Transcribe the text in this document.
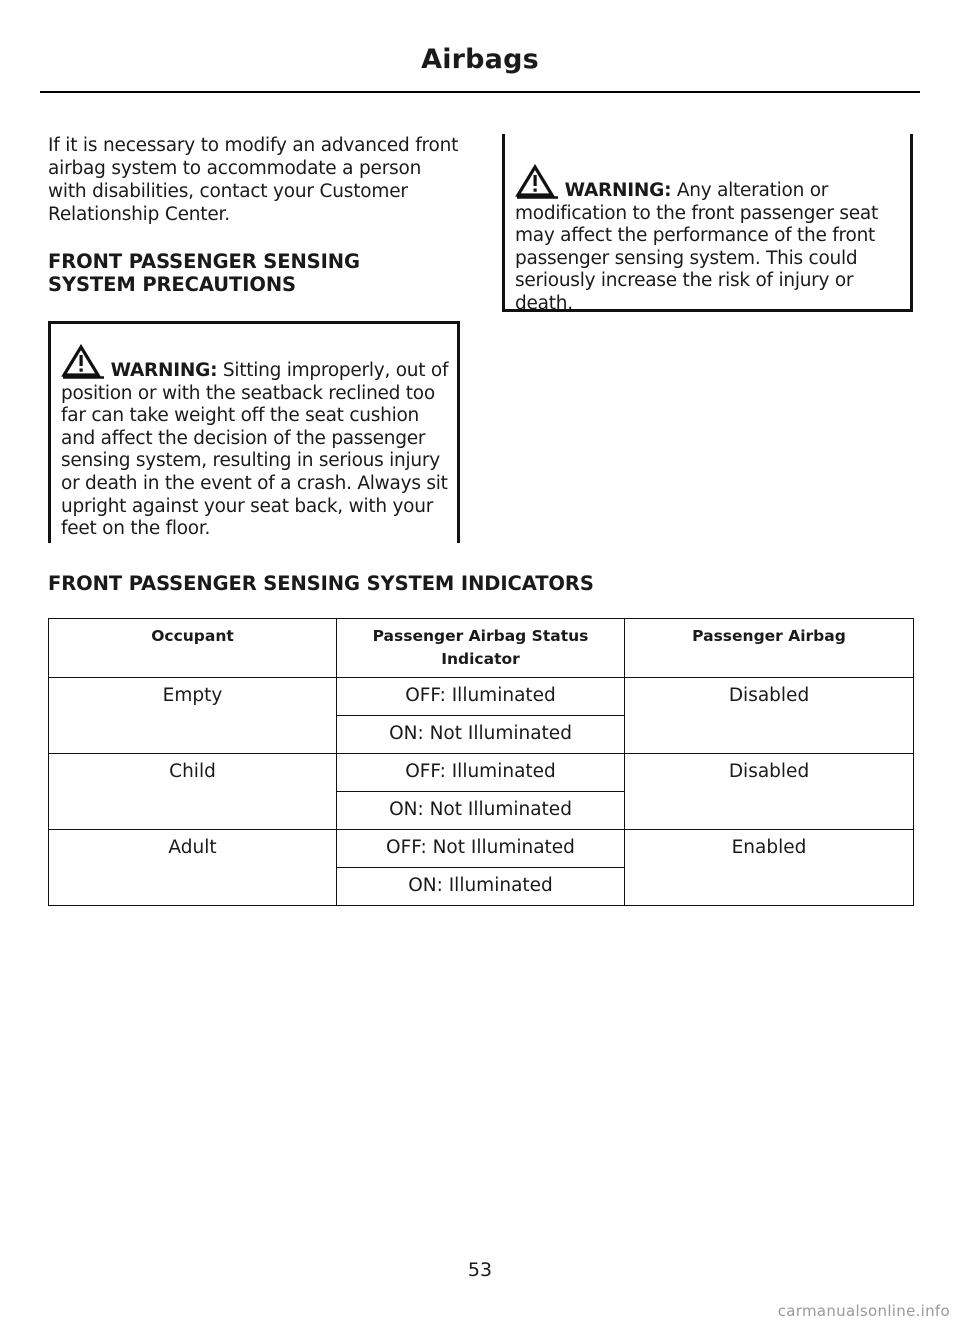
Airbags

If it is necessary to modify an advanced front airbag system to accommodate a person with disabilities, contact your Customer Relationship Center.

FRONT PASSENGER SENSING
SYSTEM PRECAUTIONS
WARNING: Sitting improperly, out of position or with the seatback reclined too far can take weight off the seat cushion and affect the decision of the passenger sensing system, resulting in serious injury or death in the event of a crash. Always sit upright against your seat back, with your feet on the floor.
WARNING: Any alteration or modification to the front passenger seat may affect the performance of the front passenger sensing system. This could seriously increase the risk of injury or death.
FRONT PASSENGER SENSING SYSTEM INDICATORS
Occupant	Passenger Airbag Status Indicator	Passenger Airbag
Empty	OFF: Illuminated	Disabled
	ON: Not Illuminated	
Child	OFF: Illuminated	Disabled
	ON: Not Illuminated	
Adult	OFF: Not Illuminated	Enabled
	ON: Illuminated	
53
carmanualsonline.info
